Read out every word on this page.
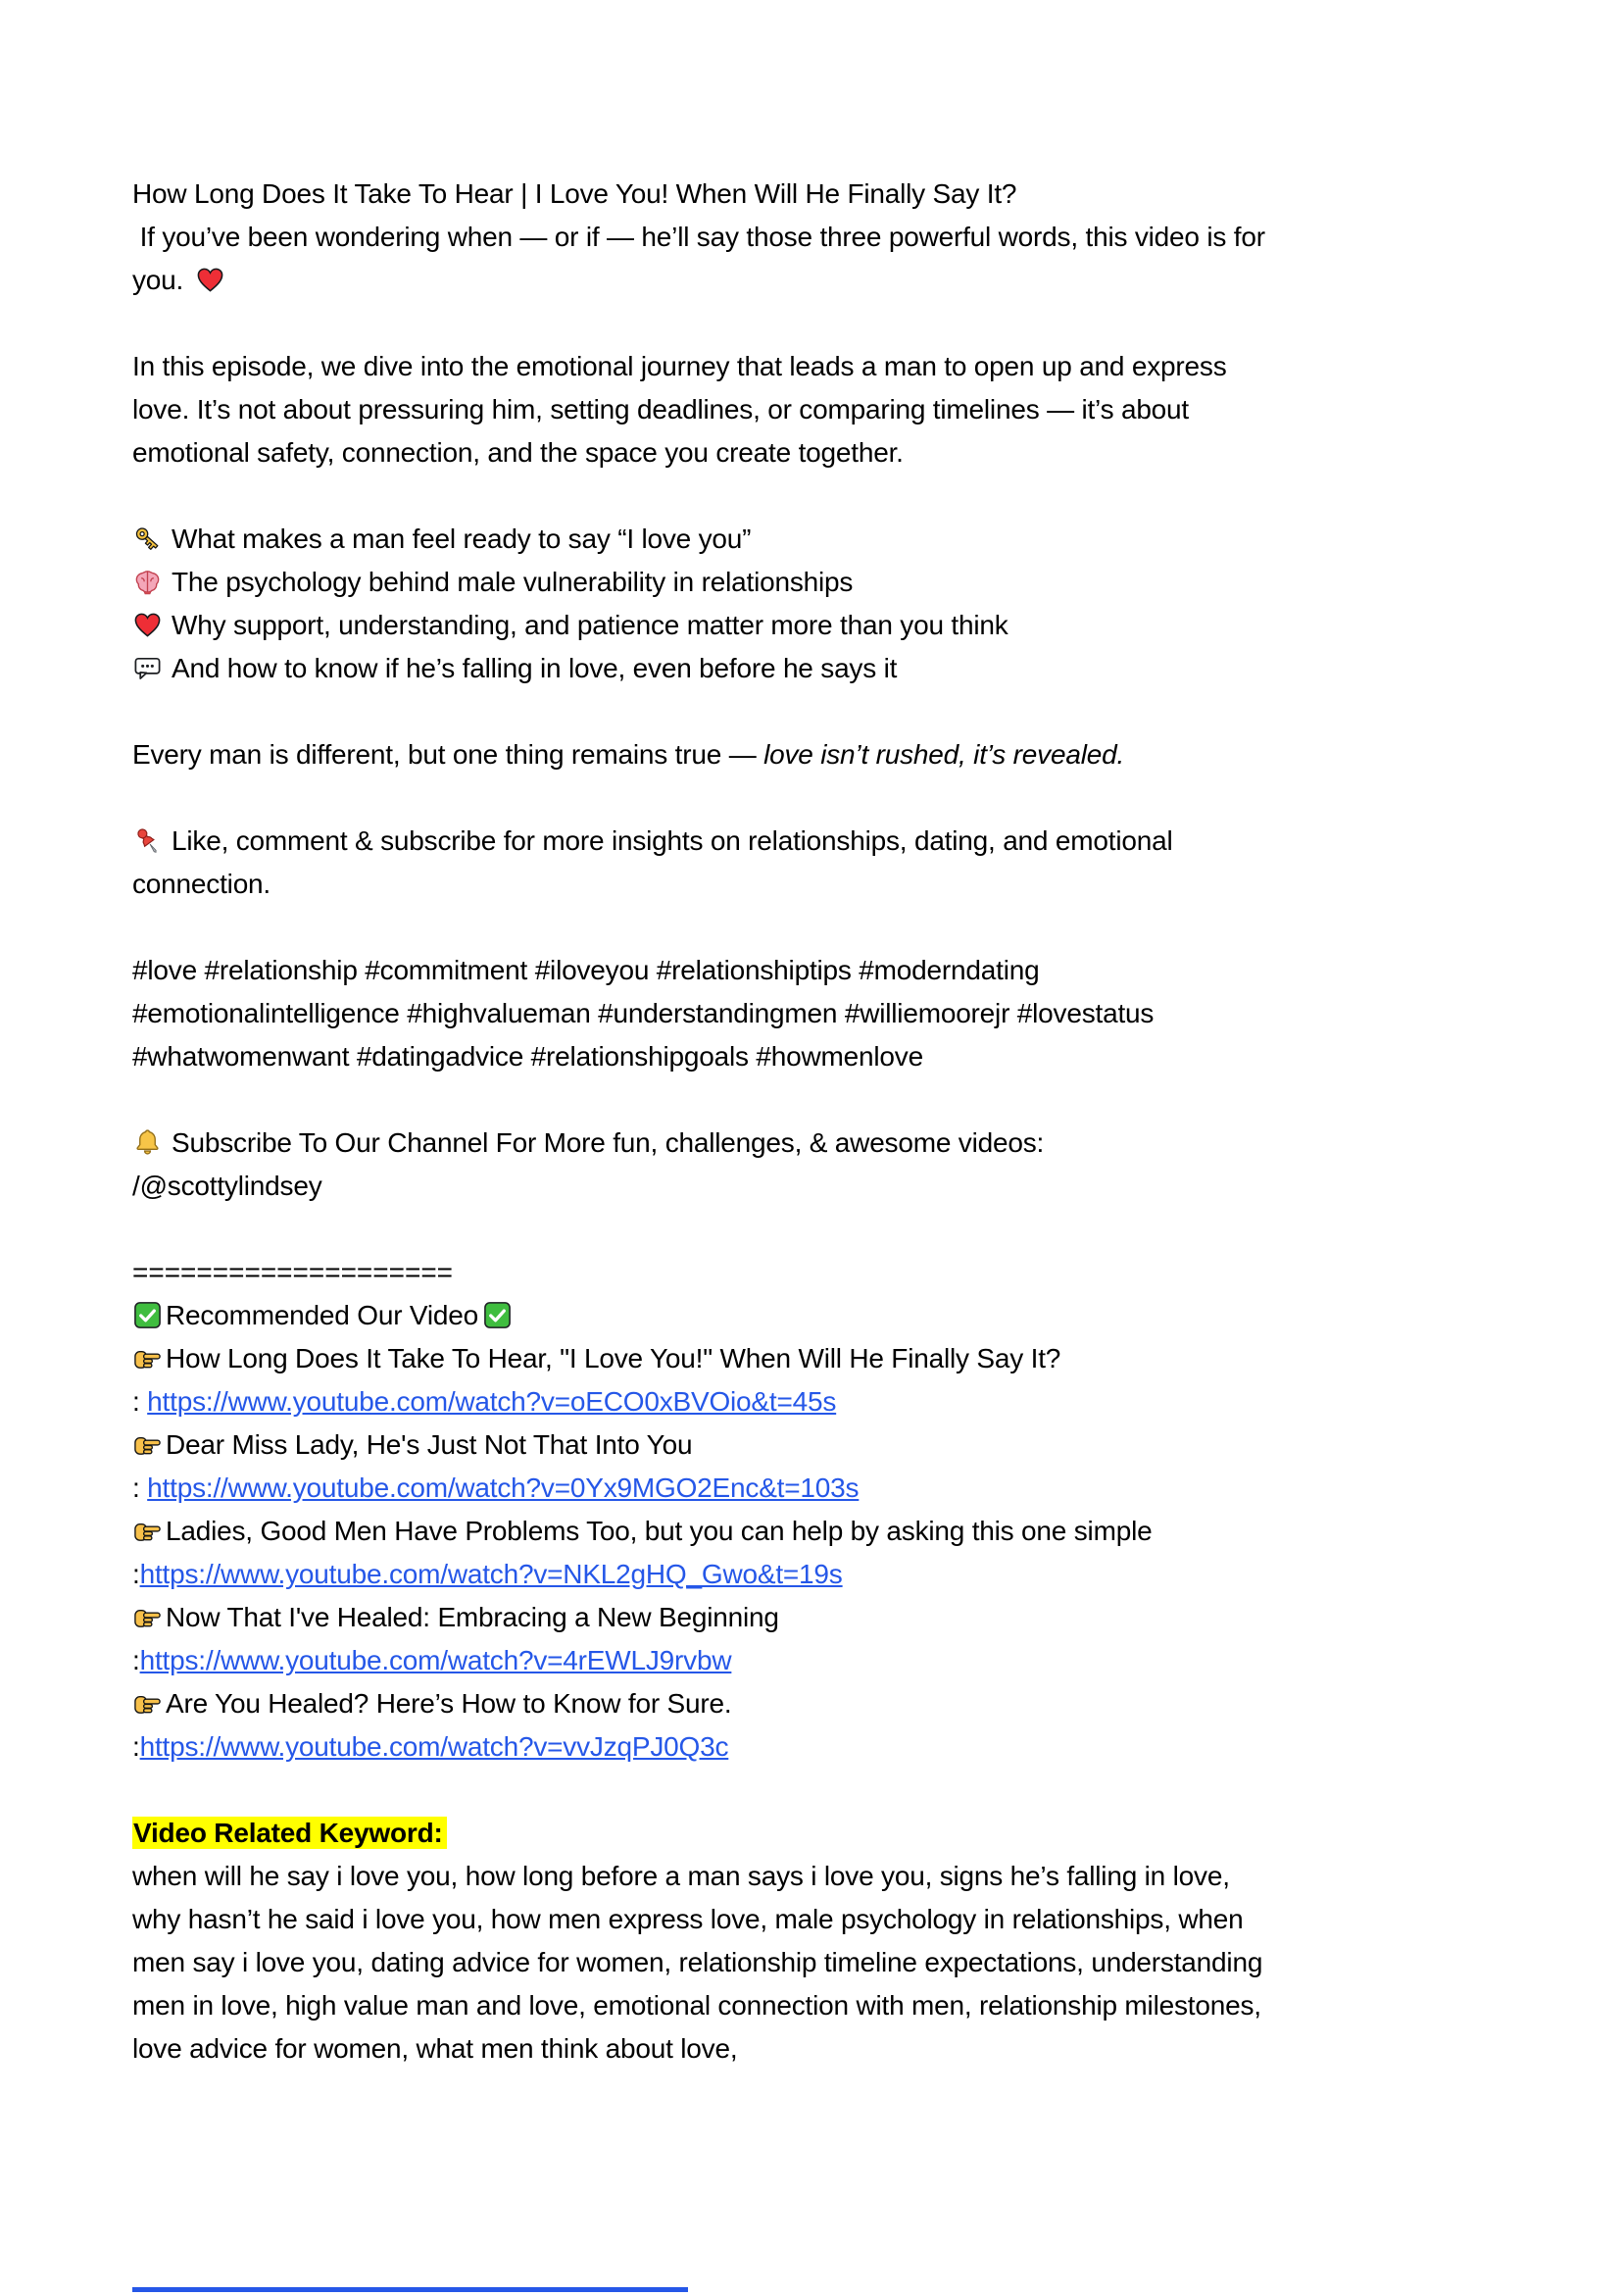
How Long Does It Take To Hear | I Love You! When Will He Finally Say It?
If you’ve been wondering when — or if — he’ll say those three powerful words, this video is for you.

In this episode, we dive into the emotional journey that leads a man to open up and express love. It’s not about pressuring him, setting deadlines, or comparing timelines — it’s about emotional safety, connection, and the space you create together.

What makes a man feel ready to say “I love you”
The psychology behind male vulnerability in relationships
Why support, understanding, and patience matter more than you think
And how to know if he’s falling in love, even before he says it

Every man is different, but one thing remains true — love isn’t rushed, it’s revealed.

Like, comment & subscribe for more insights on relationships, dating, and emotional connection.

#love #relationship #commitment #iloveyou #relationshiptips #moderndating #emotionalintelligence #highvalueman #understandingmen #williemoorejr #lovestatus #whatwomenwant #datingadvice #relationshipgoals #howmenlove

Subscribe To Our Channel For More fun, challenges, & awesome videos:
/@scottylindsey

====================
Recommended Our Video
How Long Does It Take To Hear, "I Love You!" When Will He Finally Say It?
: https://www.youtube.com/watch?v=oECO0xBVOio&t=45s
Dear Miss Lady, He's Just Not That Into You
: https://www.youtube.com/watch?v=0Yx9MGO2Enc&t=103s
Ladies, Good Men Have Problems Too, but you can help by asking this one simple
:https://www.youtube.com/watch?v=NKL2gHQ_Gwo&t=19s
Now That I've Healed: Embracing a New Beginning
:https://www.youtube.com/watch?v=4rEWLJ9rvbw
Are You Healed? Here’s How to Know for Sure.
:https://www.youtube.com/watch?v=vvJzqPJ0Q3c
Video Related Keyword:
when will he say i love you, how long before a man says i love you, signs he’s falling in love, why hasn’t he said i love you, how men express love, male psychology in relationships, when men say i love you, dating advice for women, relationship timeline expectations, understanding men in love, high value man and love, emotional connection with men, relationship milestones, love advice for women, what men think about love,
